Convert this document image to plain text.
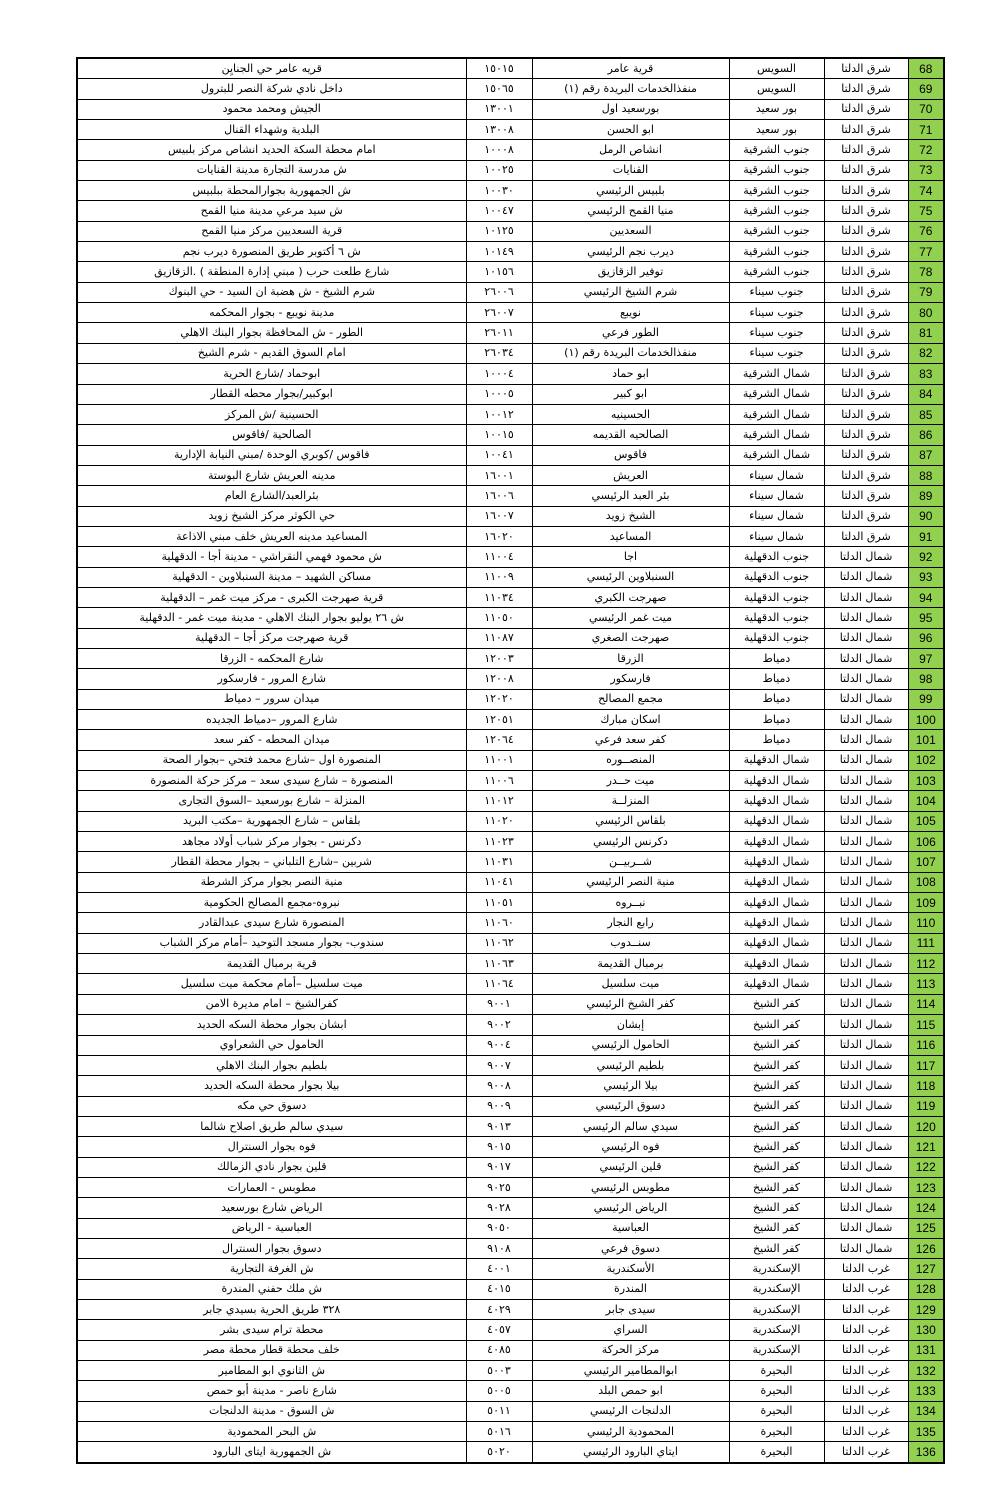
68	شرق الدلتا	السويس	قرية عامر	١٥٠١٥	قريه عامر حي الجنايِن
69	شرق الدلتا	السويس	منفذالخدمات البريدة رقم (١)	١٥٠٦٥	داخل نادي شركة النصر للبترول
70	شرق الدلتا	بور سعيد	بورسعيد اول	١٣٠٠١	الجيش ومحمد محمود
71	شرق الدلتا	بور سعيد	ابو الحسن	١٣٠٠٨	البلدية وشهداء القنال
72	شرق الدلتا	جنوب الشرقية	انشاص الرمل	١٠٠٠٨	امام محطة السكة الحديد انشاص مركز بلبيس
73	شرق الدلتا	جنوب الشرقية	القنايات	١٠٠٢٥	ش مدرسة التجارة مدينة القنايات
74	شرق الدلتا	جنوب الشرقية	بلبيس الرئيسي	١٠٠٣٠	ش الجمهورية بجوارالمحطة ببلبيس
75	شرق الدلتا	جنوب الشرقية	منيا القمح الرئيسي	١٠٠٤٧	ش سيد مرعي مدينة منيا القمح
76	شرق الدلتا	جنوب الشرقية	السعديين	١٠١٢٥	قرية السعديين مركز منيا القمح
77	شرق الدلتا	جنوب الشرقية	ديرب نجم الرئيسي	١٠١٤٩	ش ٦ أكتوبر طريق المنصورة ديرب نجم
78	شرق الدلتا	جنوب الشرقية	توفير الزقازيق	١٠١٥٦	شارع طلعت حرب ( مبني إدارة المنطقة ) .الزقازيق
79	شرق الدلتا	جنوب سيناء	شرم الشيخ الرئيسي	٢٦٠٠٦	شرم الشيخ - ش هضبة ان السيد - حي البنوك
80	شرق الدلتا	جنوب سيناء	نويبع	٢٦٠٠٧	مدينة نويبع - بجوار المحكمه
81	شرق الدلتا	جنوب سيناء	الطور فرعي	٢٦٠١١	الطور - ش المحافظة بجوار البنك الاهلي
82	شرق الدلتا	جنوب سيناء	منفذالخدمات البريدة رقم (١)	٢٦٠٣٤	امام السوق القديم - شرم الشيخ
83	شرق الدلتا	شمال الشرقية	ابو حماد	١٠٠٠٤	ابوحماد /شارع الحرية
84	شرق الدلتا	شمال الشرقية	ابو كبير	١٠٠٠٥	ابوكبير/بجوار محطه القطار
85	شرق الدلتا	شمال الشرقية	الحسينيه	١٠٠١٢	الحسينية /ش المركز
86	شرق الدلتا	شمال الشرقية	الصالحيه القديمه	١٠٠١٥	الصالحية /فاقوس
87	شرق الدلتا	شمال الشرقية	فاقوس	١٠٠٤١	فاقوس /كوبري الوحدة /مبني النيابة الإدارية
88	شرق الدلتا	شمال سيناء	العريش	١٦٠٠١	مدينه العريش شارع البوستة
89	شرق الدلتا	شمال سيناء	بئر العبد الرئيسي	١٦٠٠٦	بئرالعبد/الشارع العام
90	شرق الدلتا	شمال سيناء	الشيخ زويد	١٦٠٠٧	حي الكوثر مركز الشيخ زويد
91	شرق الدلتا	شمال سيناء	المساعيد	١٦٠٢٠	المساعيد مدينه العريش خلف مبني الاذاعة
92	شمال الدلتا	جنوب الدقهلية	اجا	١١٠٠٤	ش محمود فهمي النقراشي - مدينة أجا - الدقهلية
93	شمال الدلتا	جنوب الدقهلية	السنبلاوين الرئيسي	١١٠٠٩	مساكن الشهيد – مدينة السنبلاوين - الدقهلية
94	شمال الدلتا	جنوب الدقهلية	صهرجت الكبري	١١٠٣٤	قرية صهرجت الكبرى - مركز ميت غمر – الدقهلية
95	شمال الدلتا	جنوب الدقهلية	ميت غمر الرئيسي	١١٠٥٠	ش ٢٦ يوليو بجوار البنك الاهلي - مدينة ميت غمر - الدقهلية
96	شمال الدلتا	جنوب الدقهلية	صهرجت الصغري	١١٠٨٧	قرية صهرجت مركز أجا – الدقهلية
97	شمال الدلتا	دمياط	الزرقا	١٢٠٠٣	شارع المحكمه - الزرقا
98	شمال الدلتا	دمياط	فارسكور	١٢٠٠٨	شارع المرور - فارسكور
99	شمال الدلتا	دمياط	مجمع المصالح	١٢٠٢٠	ميدان سرور – دمياط
100	شمال الدلتا	دمياط	اسكان مبارك	١٢٠٥١	شارع المرور –دمياط الجديده
101	شمال الدلتا	دمياط	كفر سعد فرعي	١٢٠٦٤	ميدان المحطه - كفر سعد
102	شمال الدلتا	شمال الدقهلية	المنصــوره	١١٠٠١	المنصورة اول –شارع محمد فتحي –بجوار الصحة
103	شمال الدلتا	شمال الدقهلية	ميت حــدر	١١٠٠٦	المنصورة – شارع سيدى سعد – مركز حركة المنصورة
104	شمال الدلتا	شمال الدقهلية	المنزلــة	١١٠١٢	المنزلة – شارع بورسعيد –السوق التجارى
105	شمال الدلتا	شمال الدقهلية	بلقاس الرئيسي	١١٠٢٠	بلقاس – شارع الجمهورية –مكتب البريد
106	شمال الدلتا	شمال الدقهلية	دكرنس الرئيسي	١١٠٢٣	دكرنس - بجوار مركز شباب أولاد مجاهد
107	شمال الدلتا	شمال الدقهلية	شــربيــن	١١٠٣١	شربين –شارع التلباني – بجوار محطة القطار
108	شمال الدلتا	شمال الدقهلية	منية النصر الرئيسي	١١٠٤١	منية النصر بجوار مركز الشرطة
109	شمال الدلتا	شمال الدقهلية	نبــروه	١١٠٥١	نبروه-مجمع المصالح الحكومية
110	شمال الدلتا	شمال الدقهلية	رابع النجار	١١٠٦٠	المنصورة شارع سيدى عبدالقادر
111	شمال الدلتا	شمال الدقهلية	سنــدوب	١١٠٦٢	سندوب- بجوار مسجد التوحيد –أمام مركز الشباب
112	شمال الدلتا	شمال الدقهلية	برمبال القديمة	١١٠٦٣	قرية برمبال القديمة
113	شمال الدلتا	شمال الدقهلية	ميت سلسيل	١١٠٦٤	ميت سلسيل –أمام محكمة ميت سلسيل
114	شمال الدلتا	كفر الشيخ	كفر الشيخ الرئيسي	٩٠٠١	كفرالشيخ – امام مديرة الامن
115	شمال الدلتا	كفر الشيخ	إبشان	٩٠٠٢	ابشان بجوار محطة السكه الحديد
116	شمال الدلتا	كفر الشيخ	الحامول الرئيسي	٩٠٠٤	الحامول حي الشعراوي
117	شمال الدلتا	كفر الشيخ	بلطيم الرئيسي	٩٠٠٧	بلطيم بجوار البنك الاهلي
118	شمال الدلتا	كفر الشيخ	بيلا الرئيسي	٩٠٠٨	بيلا بجوار محطة السكه الحديد
119	شمال الدلتا	كفر الشيخ	دسوق الرئيسي	٩٠٠٩	دسوق حي مكه
120	شمال الدلتا	كفر الشيخ	سيدي سالم الرئيسي	٩٠١٣	سيدي سالم طريق اصلاح شالما
121	شمال الدلتا	كفر الشيخ	فوه الرئيسي	٩٠١٥	فوه بجوار السنترال
122	شمال الدلتا	كفر الشيخ	قلين الرئيسي	٩٠١٧	قلين بجوار نادي الزمالك
123	شمال الدلتا	كفر الشيخ	مطوبس الرئيسي	٩٠٢٥	مطوبس - العمارات
124	شمال الدلتا	كفر الشيخ	الرياض الرئيسي	٩٠٢٨	الرياض شارع بورسعيد
125	شمال الدلتا	كفر الشيخ	العباسية	٩٠٥٠	العباسية - الرياض
126	شمال الدلتا	كفر الشيخ	دسوق فرعي	٩١٠٨	دسوق بجوار السنترال
127	غرب الدلتا	الإسكندرية	الأسكندرية	٤٠٠١	ش الغرفة التجارية
128	غرب الدلتا	الإسكندرية	المندرة	٤٠١٥	ش ملك حفني المندرة
129	غرب الدلتا	الإسكندرية	سيدى جابر	٤٠٢٩	٣٢٨ طريق الحرية بسيدي جابر
130	غرب الدلتا	الإسكندرية	السراي	٤٠٥٧	محطة ترام سيدى بشر
131	غرب الدلتا	الإسكندرية	مركز الحركة	٤٠٨٥	خلف محطة قطار محطة مصر
132	غرب الدلتا	البحيرة	ابوالمطامير الرئيسي	٥٠٠٣	ش الثانوي ابو المطامير
133	غرب الدلتا	البحيرة	ابو حمص البلد	٥٠٠٥	شارع ناصر - مدينة أبو حمص
134	غرب الدلتا	البحيرة	الدلنجات الرئيسي	٥٠١١	ش السوق - مدينة الدلنجات
135	غرب الدلتا	البحيرة	المحمودية الرئيسي	٥٠١٦	ش البحر المحمودية
136	غرب الدلتا	البحيرة	ايتاي البارود الرئيسي	٥٠٢٠	ش الجمهورية ايتاى البارود
